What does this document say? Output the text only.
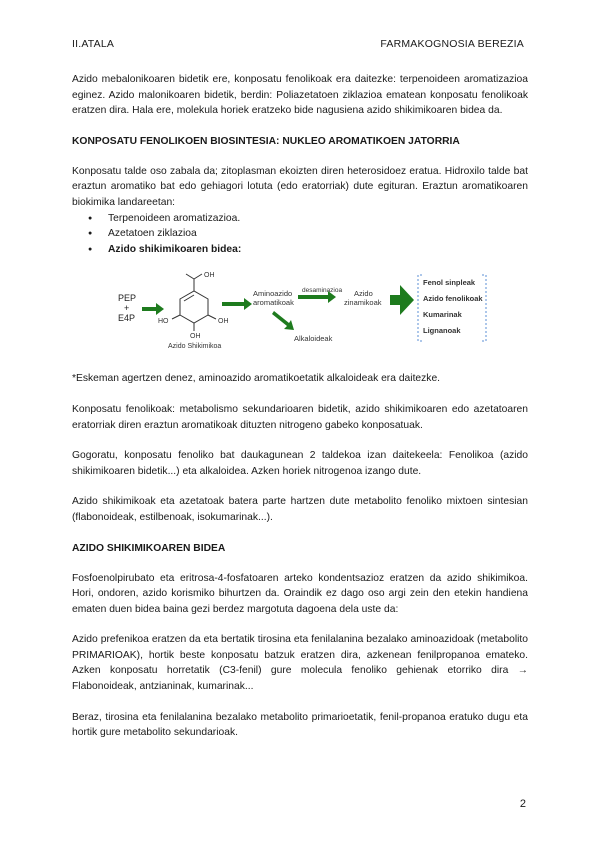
II.ATALA	FARMAKOGNOSIA BEREZIA

Azido mebalonikoaren bidetik ere, konposatu fenolikoak era daitezke: terpenoideen aromatizazioa eginez. Azido malonikoaren bidetik, berdin: Poliazetatoen ziklazioa ematean konposatu fenolikoak eratzen dira. Hala ere, molekula horiek eratzeko bide nagusiena azido shikimikoaren bidea da.

KONPOSATU FENOLIKOEN BIOSINTESIA: NUKLEO AROMATIKOEN JATORRIA

Konposatu talde oso zabala da; zitoplasman ekoizten diren heterosidoez eratua. Hidroxilo talde bat eraztun aromatiko bat edo gehiagori lotuta (edo eratorriak) dute egituran. Eraztun aromatikoaren biokimika landareetan:

● Terpenoideen aromatizazioa.
● Azetatoen ziklazioa
● Azido shikimikoaren bidea:
PEP
+
E4P
OH
HO	OH
OH
Azido Shikimikoa
Aminoazido
aromatikoak
Alkaloideak
desaminazioa Azido
zinamikoak
Fenol sinpleak
Azido fenolikoak
Kumarinak
Lignanoak

*Eskeman agertzen denez, aminoazido aromatikoetatik alkaloideak era daitezke.

Konposatu fenolikoak: metabolismo sekundarioaren bidetik, azido shikimikoaren edo azetatoaren eratorriak diren eraztun aromatikoak dituzten nitrogeno gabeko konposatuak.

Gogoratu, konposatu fenoliko bat daukagunean 2 taldekoa izan daitekeela: Fenolikoa (azido shikimikoaren bidetik...) eta alkaloidea. Azken horiek nitrogenoa izango dute.

Azido shikimikoak eta azetatoak batera parte hartzen dute metabolito fenoliko mixtoen sintesian (flabonoideak, estilbenoak, isokumarinak...).

AZIDO SHIKIMIKOAREN BIDEA

Fosfoenolpirubato eta eritrosa-4-fosfatoaren arteko kondentsazioz eratzen da azido shikimikoa. Hori, ondoren, azido korismiko bihurtzen da. Oraindik ez dago oso argi zein den etekin handiena ematen duen bidea baina gezi berdez margotuta dagoena dela uste da:

Azido prefenikoa eratzen da eta bertatik tirosina eta fenilalanina bezalako aminoazidoak (metabolito PRIMARIOAK), hortik beste konposatu batzuk eratzen dira, azkenean fenilpropanoa emateko. Azken konposatu horretatik (C3-fenil) gure molecula fenoliko gehienak etorriko dira → Flabonoideak, antzianinak, kumarinak...

Beraz, tirosina eta fenilalanina bezalako metabolito primarioetatik, fenil-propanoa eratuko dugu eta hortik gure metabolito sekundarioak.

2
